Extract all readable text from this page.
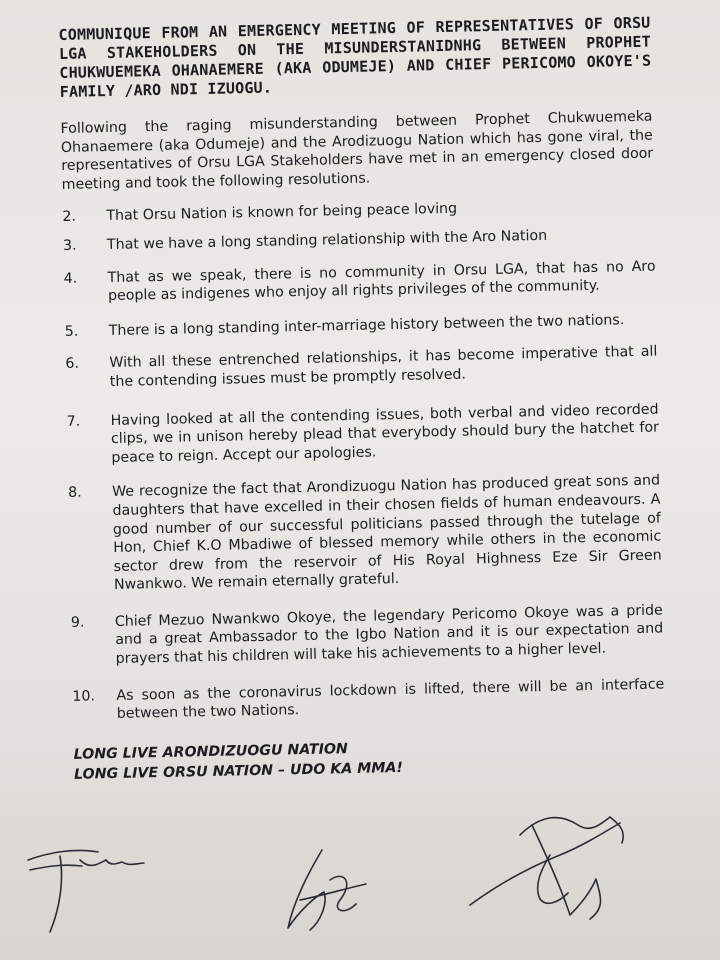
COMMUNIQUE FROM AN EMERGENCY MEETING OF REPRESENTATIVES OF ORSU LGA STAKEHOLDERS ON THE MISUNDERSTANIDNHG BETWEEN PROPHET CHUKWUEMEKA OHANAEMERE (AKA ODUMEJE) AND CHIEF PERICOMO OKOYE'S FAMILY /ARO NDI IZUOGU.

Following the raging misunderstanding between Prophet Chukwuemeka Ohanaemere (aka Odumeje) and the Arodizuogu Nation which has gone viral, the representatives of Orsu LGA Stakeholders have met in an emergency closed door meeting and took the following resolutions.

2.	That Orsu Nation is known for being peace loving
3.	That we have a long standing relationship with the Aro Nation
4.	That as we speak, there is no community in Orsu LGA, that has no Aro people as indigenes who enjoy all rights privileges of the community.
5.	There is a long standing inter-marriage history between the two nations.
6.	With all these entrenched relationships, it has become imperative that all the contending issues must be promptly resolved.
7.	Having looked at all the contending issues, both verbal and video recorded clips, we in unison hereby plead that everybody should bury the hatchet for peace to reign. Accept our apologies.
8.	We recognize the fact that Arondizuogu Nation has produced great sons and daughters that have excelled in their chosen fields of human endeavours. A good number of our successful politicians passed through the tutelage of Hon, Chief K.O Mbadiwe of blessed memory while others in the economic sector drew from the reservoir of His Royal Highness Eze Sir Green Nwankwo. We remain eternally grateful.
9.	Chief Mezuo Nwankwo Okoye, the legendary Pericomo Okoye was a pride and a great Ambassador to the Igbo Nation and it is our expectation and prayers that his children will take his achievements to a higher level.
10.	As soon as the coronavirus lockdown is lifted, there will be an interface between the two Nations.
LONG LIVE ARONDIZUOGU NATION
LONG LIVE ORSU NATION – UDO KA MMA!
